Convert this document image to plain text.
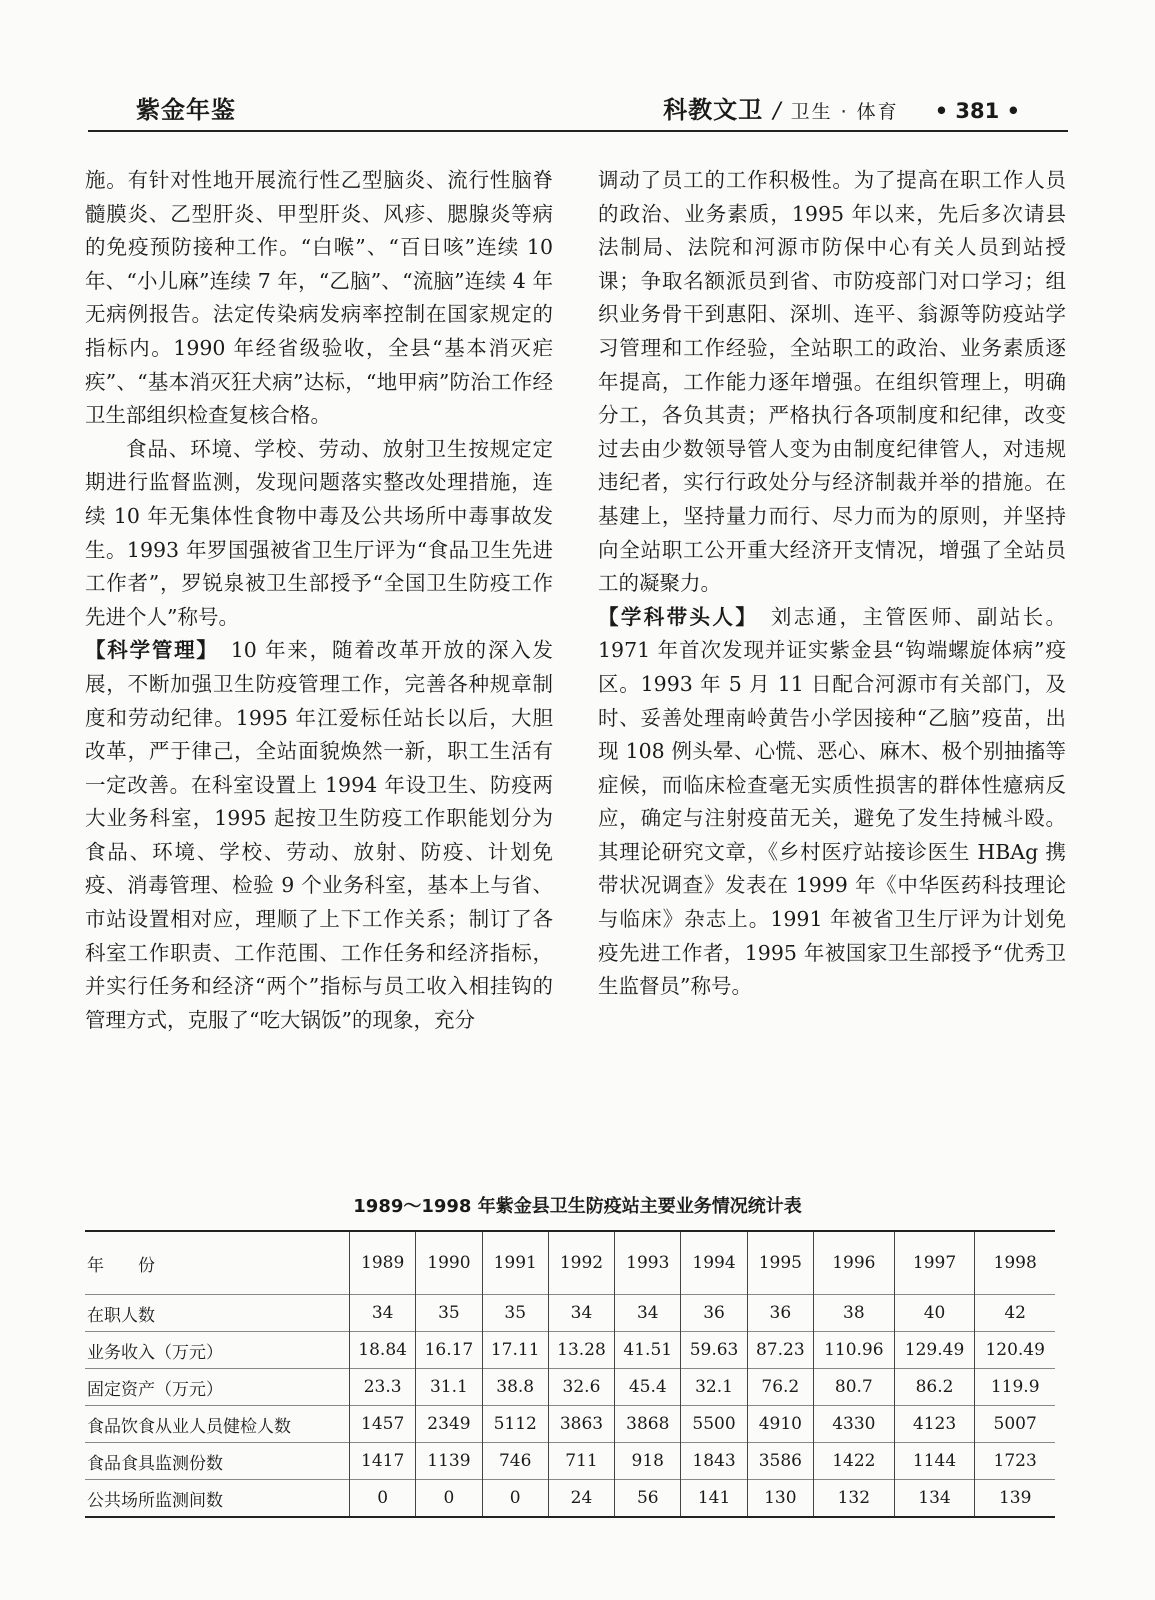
紫金年鉴	科教文卫 / 卫生 · 体育 • 381 •

施。有针对性地开展流行性乙型脑炎、流行性脑脊髓膜炎、乙型肝炎、甲型肝炎、风疹、腮腺炎等病的免疫预防接种工作。“白喉”、“百日咳”连续 10 年、“小儿麻”连续 7 年，“乙脑”、“流脑”连续 4 年无病例报告。法定传染病发病率控制在国家规定的指标内。1990 年经省级验收，全县“基本消灭疟疾”、“基本消灭狂犬病”达标，“地甲病”防治工作经卫生部组织检查复核合格。

食品、环境、学校、劳动、放射卫生按规定定期进行监督监测，发现问题落实整改处理措施，连续 10 年无集体性食物中毒及公共场所中毒事故发生。1993 年罗国强被省卫生厅评为“食品卫生先进工作者”，罗锐泉被卫生部授予“全国卫生防疫工作先进个人”称号。

【科学管理】　10 年来，随着改革开放的深入发展，不断加强卫生防疫管理工作，完善各种规章制度和劳动纪律。1995 年江爱标任站长以后，大胆改革，严于律己，全站面貌焕然一新，职工生活有一定改善。在科室设置上 1994 年设卫生、防疫两大业务科室，1995 起按卫生防疫工作职能划分为食品、环境、学校、劳动、放射、防疫、计划免疫、消毒管理、检验 9 个业务科室，基本上与省、市站设置相对应，理顺了上下工作关系；制订了各科室工作职责、工作范围、工作任务和经济指标，并实行任务和经济“两个”指标与员工收入相挂钩的管理方式，克服了“吃大锅饭”的现象，充分

调动了员工的工作积极性。为了提高在职工作人员的政治、业务素质，1995 年以来，先后多次请县法制局、法院和河源市防保中心有关人员到站授课；争取名额派员到省、市防疫部门对口学习；组织业务骨干到惠阳、深圳、连平、翁源等防疫站学习管理和工作经验，全站职工的政治、业务素质逐年提高，工作能力逐年增强。在组织管理上，明确分工，各负其责；严格执行各项制度和纪律，改变过去由少数领导管人变为由制度纪律管人，对违规违纪者，实行行政处分与经济制裁并举的措施。在基建上，坚持量力而行、尽力而为的原则，并坚持向全站职工公开重大经济开支情况，增强了全站员工的凝聚力。

【学科带头人】　刘志通，主管医师、副站长。1971 年首次发现并证实紫金县“钩端螺旋体病”疫区。1993 年 5 月 11 日配合河源市有关部门，及时、妥善处理南岭黄告小学因接种“乙脑”疫苗，出现 108 例头晕、心慌、恶心、麻木、极个别抽搐等症候，而临床检查毫无实质性损害的群体性癔病反应，确定与注射疫苗无关，避免了发生持械斗殴。其理论研究文章，《乡村医疗站接诊医生 HBAg 携带状况调查》发表在 1999 年《中华医药科技理论与临床》杂志上。1991 年被省卫生厅评为计划免疫先进工作者，1995 年被国家卫生部授予“优秀卫生监督员”称号。

1989～1998 年紫金县卫生防疫站主要业务情况统计表
年　　份	1989	1990	1991	1992	1993	1994	1995	1996	1997	1998
在职人数	34	35	35	34	34	36	36	38	40	42
业务收入（万元）	18.84	16.17	17.11	13.28	41.51	59.63	87.23	110.96	129.49	120.49
固定资产（万元）	23.3	31.1	38.8	32.6	45.4	32.1	76.2	80.7	86.2	119.9
食品饮食从业人员健检人数	1457	2349	5112	3863	3868	5500	4910	4330	4123	5007
食品食具监测份数	1417	1139	746	711	918	1843	3586	1422	1144	1723
公共场所监测间数	0	0	0	24	56	141	130	132	134	139
